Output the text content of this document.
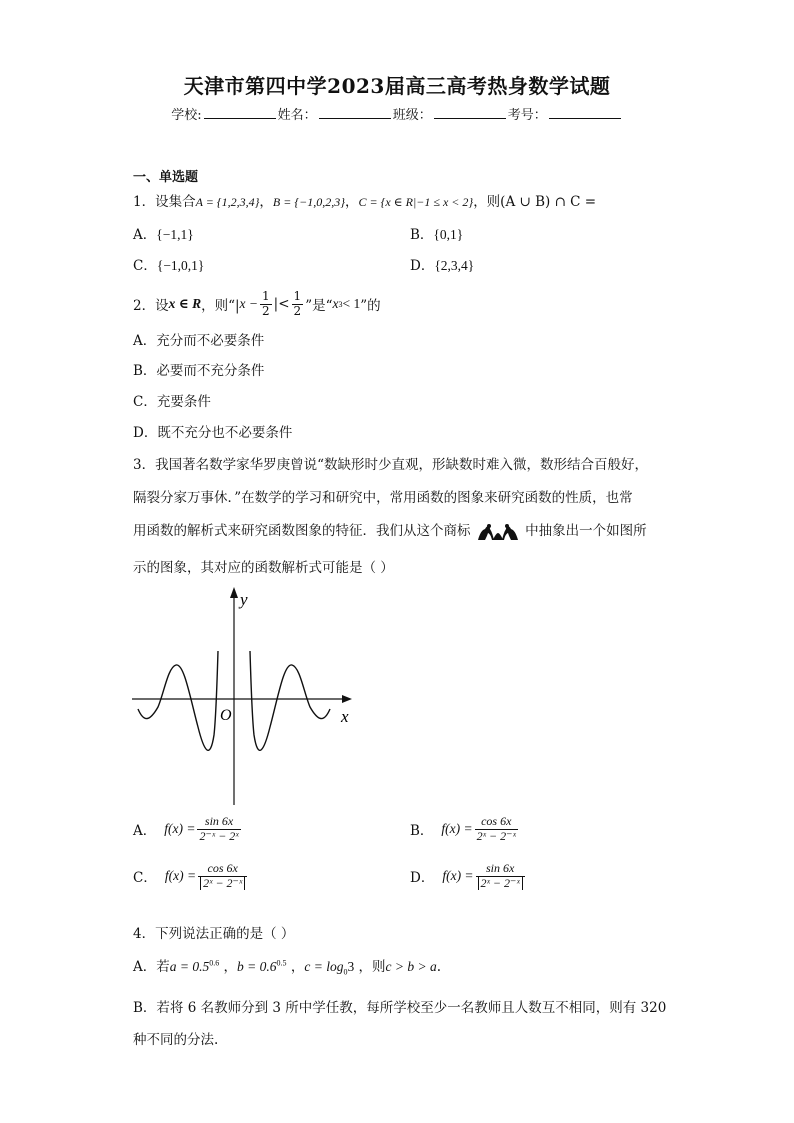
天津市第四中学2023届高三高考热身数学试题
学校:	姓名：	班级：	考号：
一、单选题
1．设集合A = {1,2,3,4}，B = {−1,0,2,3}，C = {x ∈ R|−1 ≤ x < 2}，则(A ∪ B) ∩ C =
A．{−1,1}	B．{0,1}
C．{−1,0,1}	D．{2,3,4}
2．设 x ∈ R ，则“| $x - \frac{1}{2}$ |< $\frac{1}{2}$ ”是“ x 3 < 1 ”的
A．充分而不必要条件
B．必要而不充分条件
C．充要条件
D．既不充分也不必要条件
3．我国著名数学家华罗庚曾说“数缺形时少直观，形缺数时难入微，数形结合百般好，
隔裂分家万事休．”在数学的学习和研究中，常用函数的图象来研究函数的性质，也常
用函数的解析式来研究函数图象的特征．我们从这个商标	中抽象出一个如图所
示的图象，其对应的函数解析式可能是（ ）
y
x
O
A． $f(x) = \frac{\sin 6x}{\text{2⁻ˣ − 2ˣ}}$	B． $f(x) = \frac{\cos 6x}{\text{2ˣ − 2⁻ˣ}}$
C． $f(x) = \frac{\cos 6x}{\text{2ˣ − 2⁻ˣ}}$	D． $f(x) = \frac{\sin 6x}{\text{2ˣ − 2⁻ˣ}}$
4．下列说法正确的是（ ）
A．若$a = 0.5^{0.6}$ ，$b = 0.6^{0.5}$ ，$c = \log_03$ ，则c > b > a.
B．若将 6 名教师分到 3 所中学任教，每所学校至少一名教师且人数互不相同，则有 320
种不同的分法.
